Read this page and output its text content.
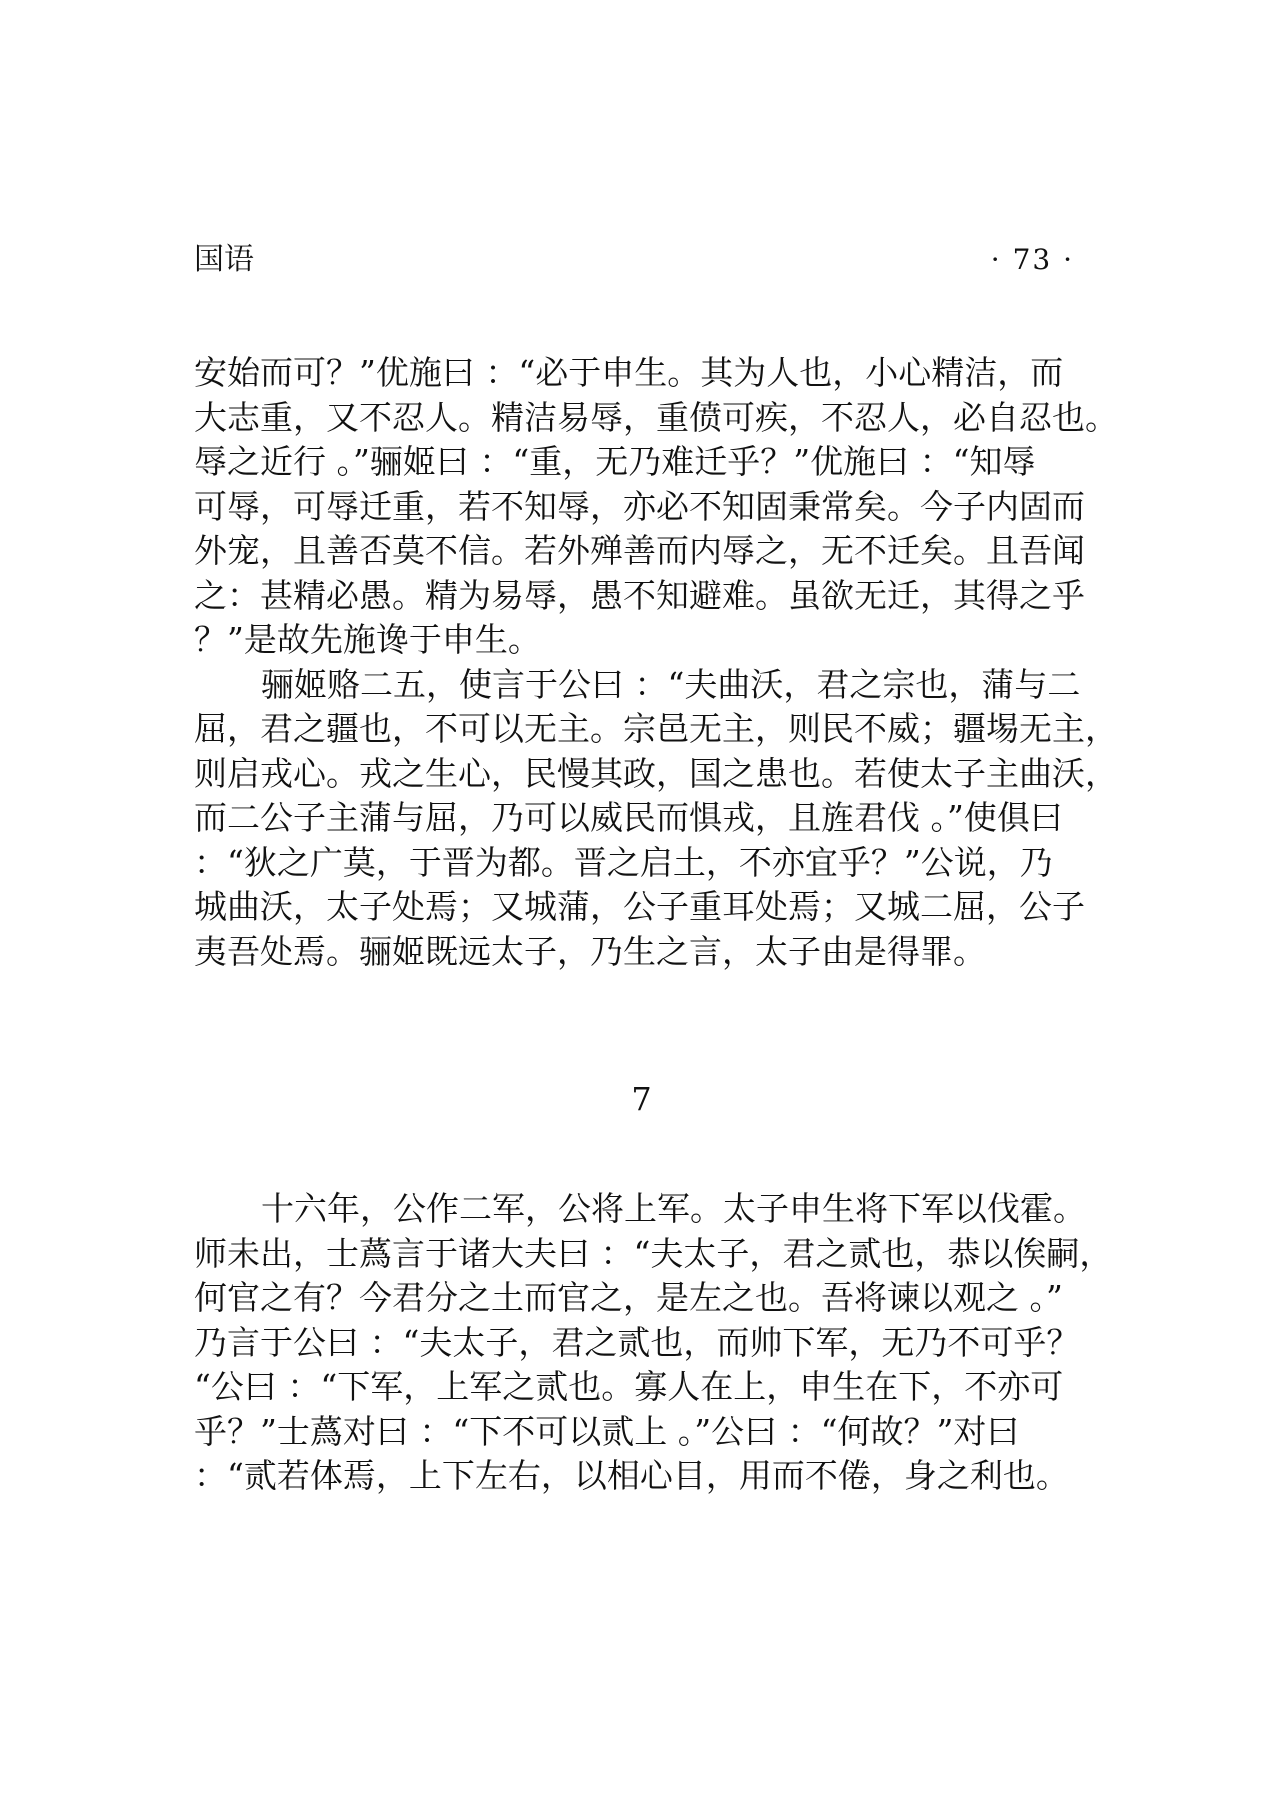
国语	· 73 ·
安始而可？”优施曰 ：“必于申生。其为人也，小心精洁，而
大志重，又不忍人。精洁易辱，重偾可疾，不忍人，必自忍也。
辱之近行 。”骊姬曰 ：“重，无乃难迁乎？”优施曰 ：“知辱
可辱，可辱迁重，若不知辱，亦必不知固秉常矣。今子内固而
外宠，且善否莫不信。若外殚善而内辱之，无不迁矣。且吾闻
之：甚精必愚。精为易辱，愚不知避难。虽欲无迁，其得之乎
？”是故先施谗于申生。
骊姬赂二五，使言于公曰 ：“夫曲沃，君之宗也，蒲与二
屈，君之疆也，不可以无主。宗邑无主，则民不威；疆埸无主，
则启戎心。戎之生心，民慢其政，国之患也。若使太子主曲沃，
而二公子主蒲与屈，乃可以威民而惧戎，且旌君伐 。”使俱曰
：“狄之广莫，于晋为都。晋之启土，不亦宜乎？”公说，乃
城曲沃，太子处焉；又城蒲，公子重耳处焉；又城二屈，公子
夷吾处焉。骊姬既远太子，乃生之言，太子由是得罪。
7
十六年，公作二军，公将上军。太子申生将下军以伐霍。
师未出，士蔿言于诸大夫曰 ：“夫太子，君之贰也，恭以俟嗣，
何官之有？今君分之土而官之，是左之也。吾将谏以观之 。”
乃言于公曰 ：“夫太子，君之贰也，而帅下军，无乃不可乎？
“公曰 ：“下军，上军之贰也。寡人在上，申生在下，不亦可
乎？”士蔿对曰 ：“下不可以贰上 。”公曰 ：“何故？”对曰
：“贰若体焉，上下左右，以相心目，用而不倦，身之利也。
